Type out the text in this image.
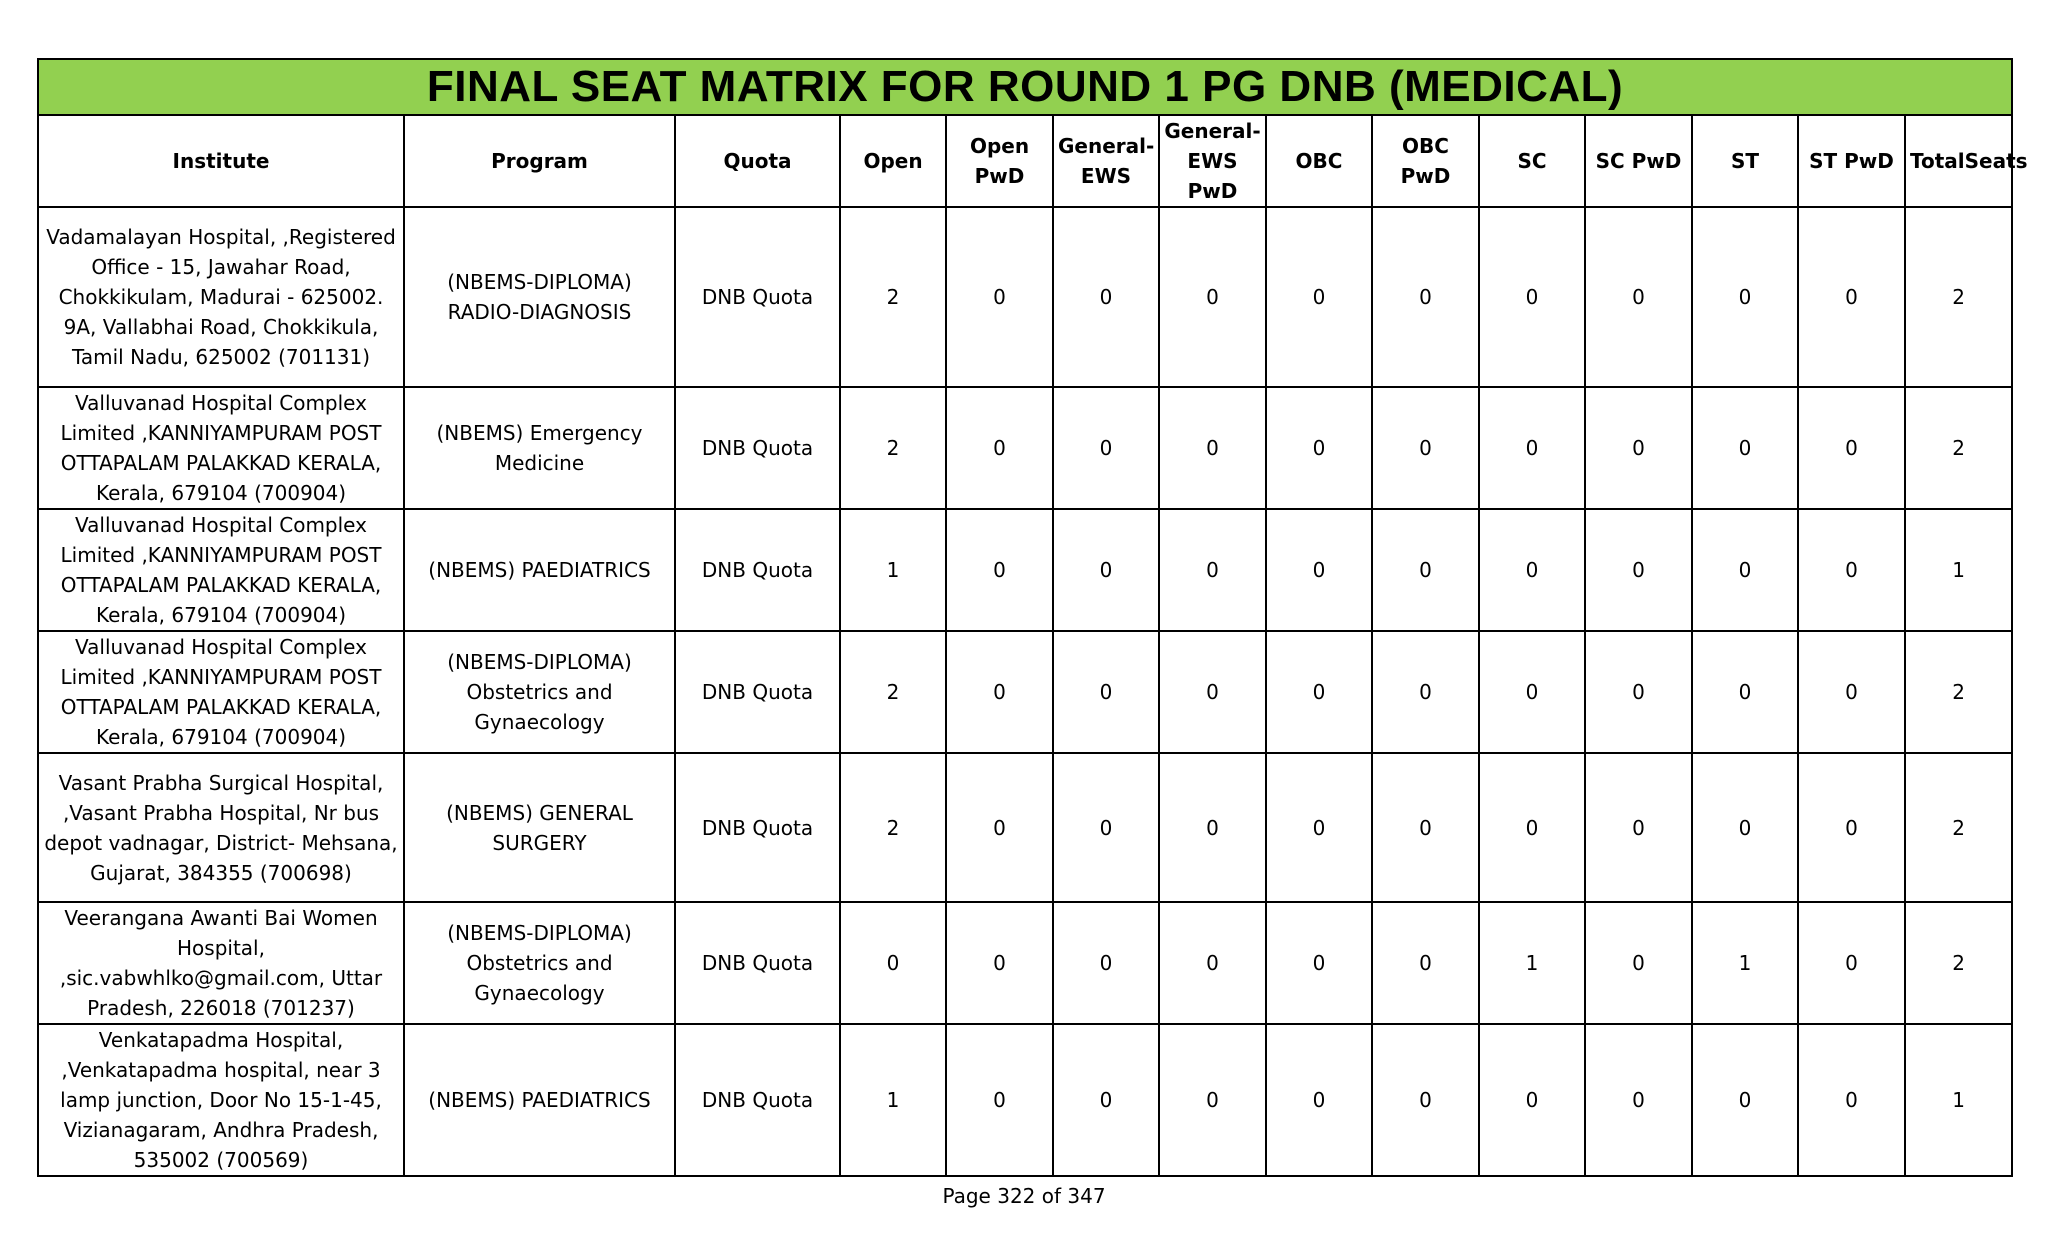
FINAL SEAT MATRIX FOR ROUND 1 PG DNB (MEDICAL)													
Institute	Program	Quota	Open	Open PwD	General-EWS	General-EWS PwD	OBC	OBC PwD	SC	SC PwD	ST	ST PwD	TotalSeats
Vadamalayan Hospital, ,Registered Office - 15, Jawahar Road, Chokkikulam, Madurai - 625002. 9A, Vallabhai Road, Chokkikula, Tamil Nadu, 625002 (701131)	(NBEMS-DIPLOMA) RADIO-DIAGNOSIS	DNB Quota	2	0	0	0	0	0	0	0	0	0	2
Valluvanad Hospital Complex Limited ,KANNIYAMPURAM POST OTTAPALAM PALAKKAD KERALA, Kerala, 679104 (700904)	(NBEMS) Emergency Medicine	DNB Quota	2	0	0	0	0	0	0	0	0	0	2
Valluvanad Hospital Complex Limited ,KANNIYAMPURAM POST OTTAPALAM PALAKKAD KERALA, Kerala, 679104 (700904)	(NBEMS) PAEDIATRICS	DNB Quota	1	0	0	0	0	0	0	0	0	0	1
Valluvanad Hospital Complex Limited ,KANNIYAMPURAM POST OTTAPALAM PALAKKAD KERALA, Kerala, 679104 (700904)	(NBEMS-DIPLOMA) Obstetrics and Gynaecology	DNB Quota	2	0	0	0	0	0	0	0	0	0	2
Vasant Prabha Surgical Hospital, ,Vasant Prabha Hospital, Nr bus depot vadnagar, District- Mehsana, Gujarat, 384355 (700698)	(NBEMS) GENERAL SURGERY	DNB Quota	2	0	0	0	0	0	0	0	0	0	2
Veerangana Awanti Bai Women Hospital, ,sic.vabwhlko@gmail.com, Uttar Pradesh, 226018 (701237)	(NBEMS-DIPLOMA) Obstetrics and Gynaecology	DNB Quota	0	0	0	0	0	0	1	0	1	0	2
Venkatapadma Hospital, ,Venkatapadma hospital, near 3 lamp junction, Door No 15-1-45, Vizianagaram, Andhra Pradesh, 535002 (700569)	(NBEMS) PAEDIATRICS	DNB Quota	1	0	0	0	0	0	0	0	0	0	1
Page 322 of 347
